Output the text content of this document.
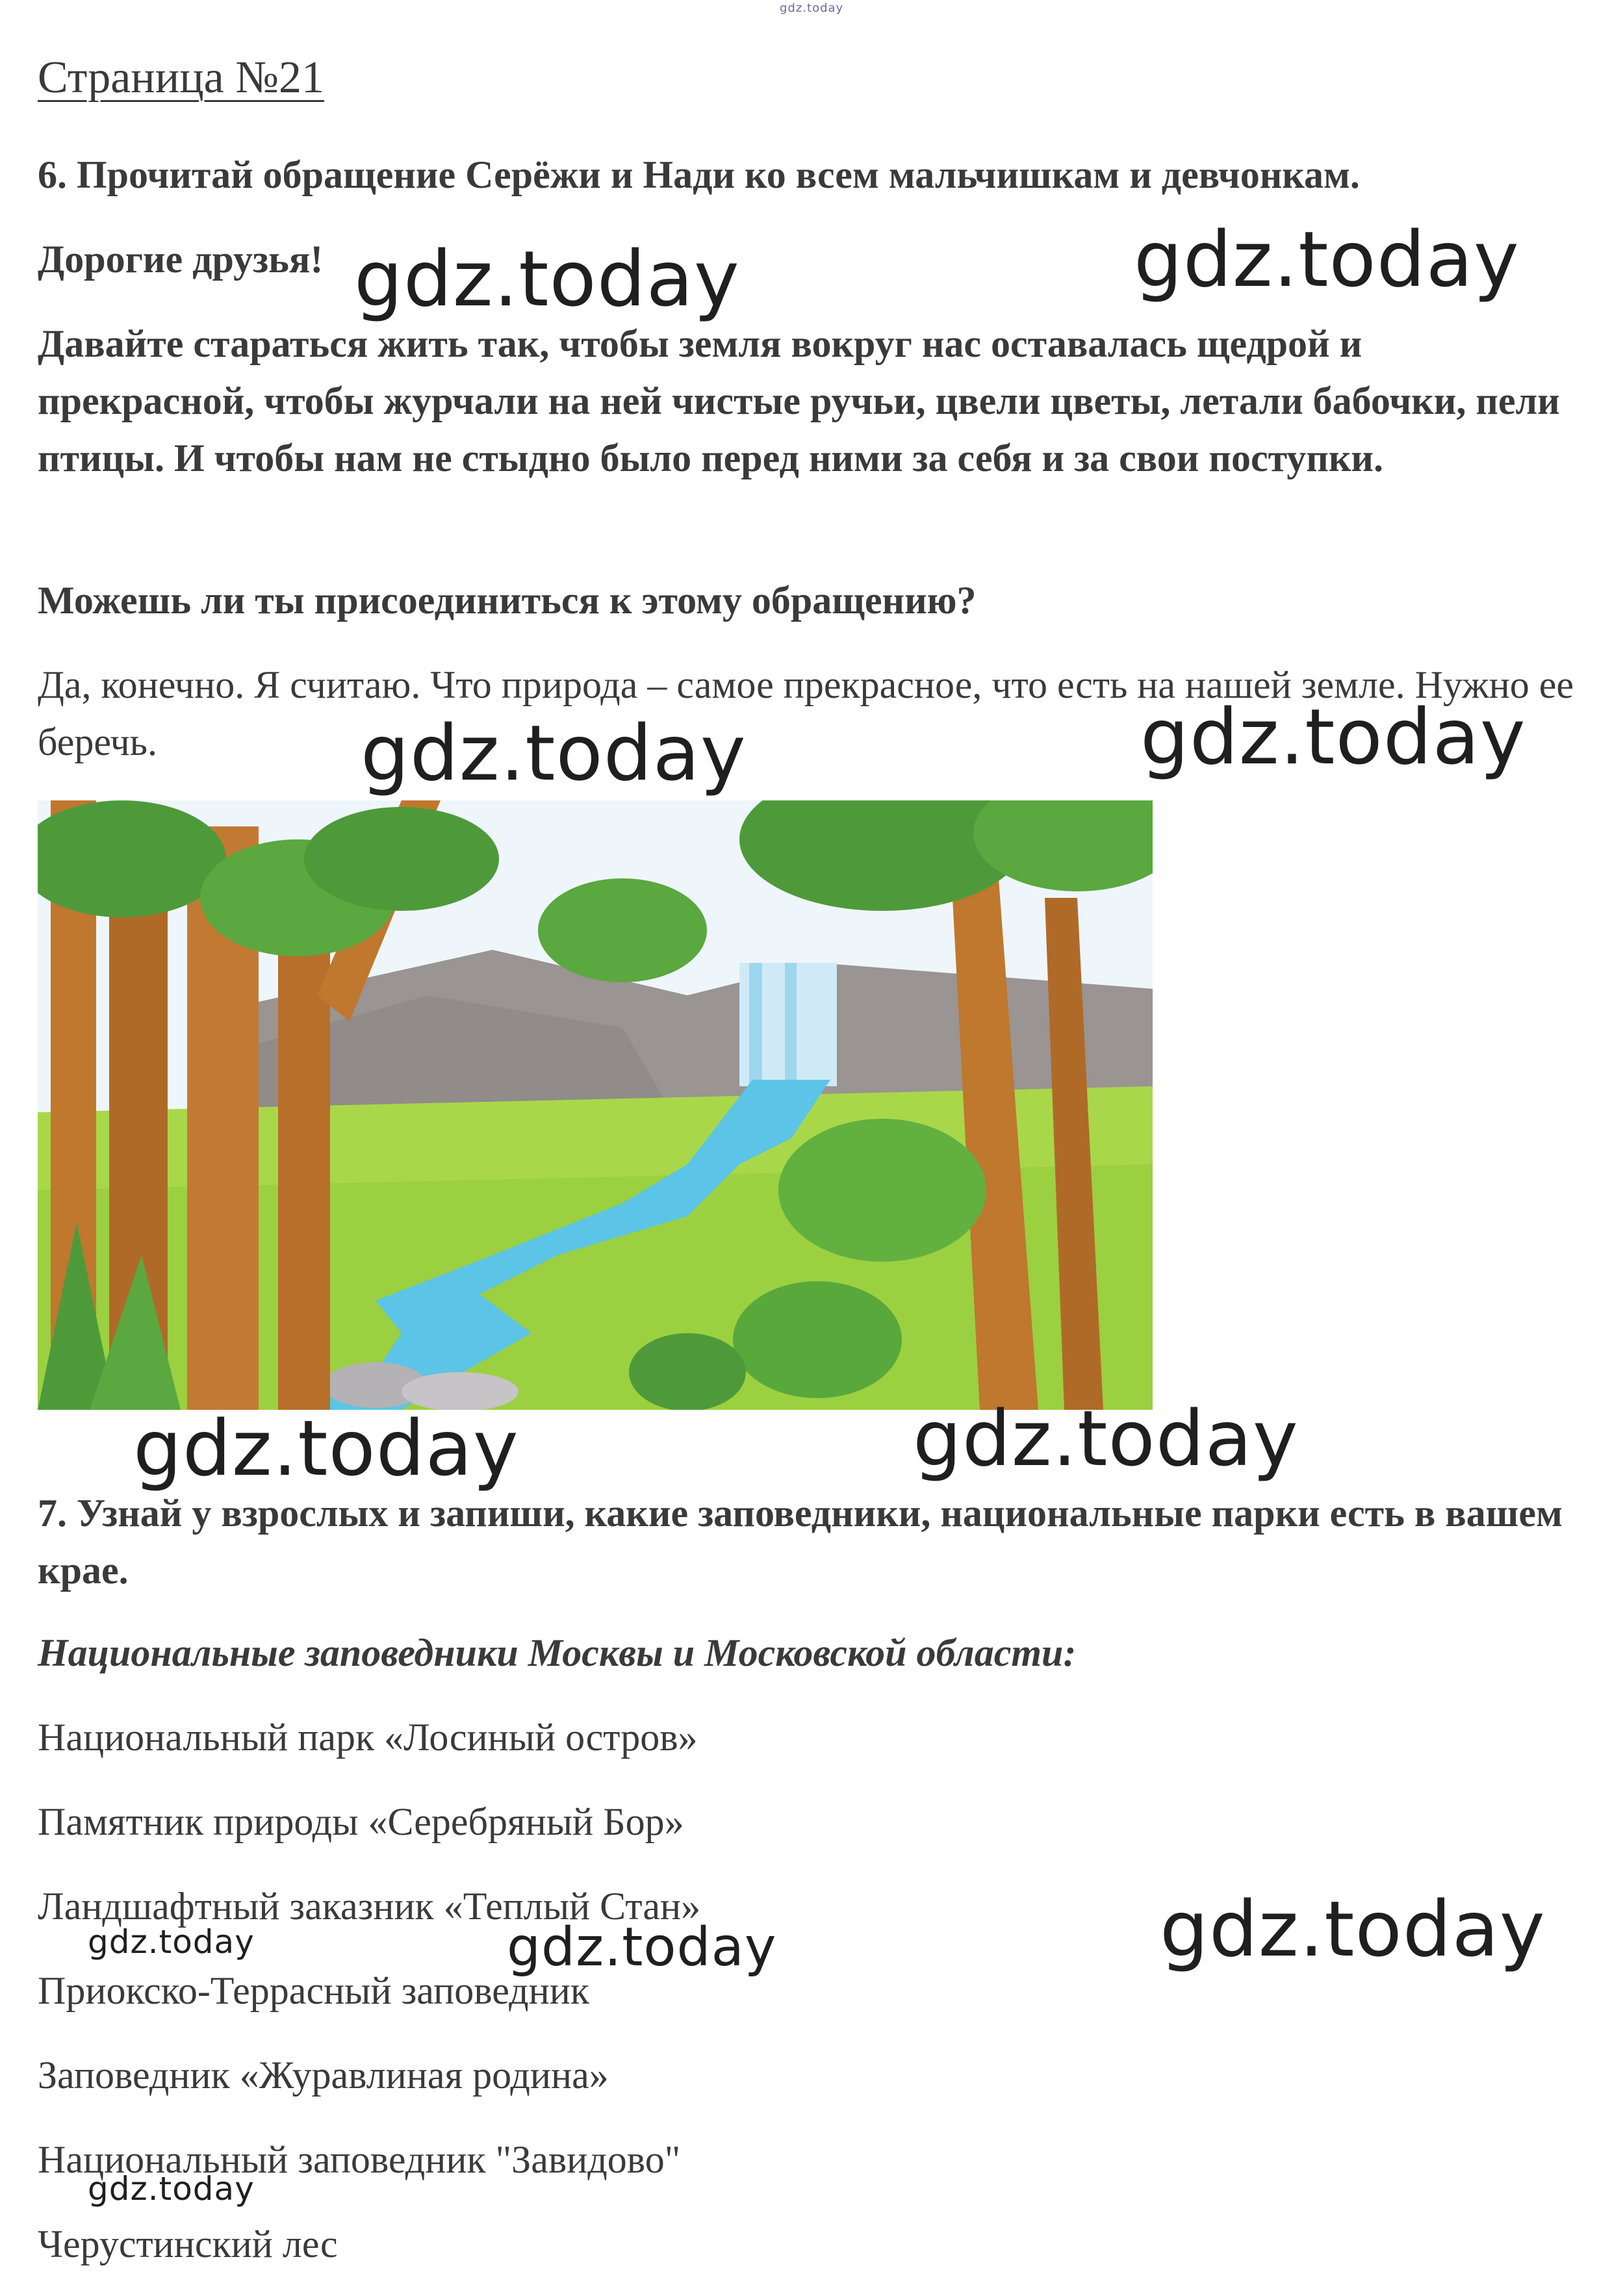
gdz.today
Страница №21
6. Прочитай обращение Серёжи и Нади ко всем мальчишкам и девчонкам.
Дорогие друзья!
Давайте стараться жить так, чтобы земля вокруг нас оставалась щедрой и прекрасной, чтобы журчали на ней чистые ручьи, цвели цветы, летали бабочки, пели птицы. И чтобы нам не стыдно было перед ними за себя и за свои поступки.
Можешь ли ты присоединиться к этому обращению?
Да, конечно. Я считаю. Что природа – самое прекрасное, что есть на нашей земле. Нужно ее беречь.
7. Узнай у взрослых и запиши, какие заповедники, национальные парки есть в вашем крае.
Национальные заповедники Москвы и Московской области:
Национальный парк «Лосиный остров»
Памятник природы «Серебряный Бор»
Ландшафтный заказник «Теплый Стан»
Приокско-Террасный заповедник
Заповедник «Журавлиная родина»
Национальный заповедник "Завидово"
Черустинский лес
gdz.today	gdz.today
gdz.today	gdz.today
gdz.today	gdz.today
gdz.today
gdz.today
gdz.today
gdz.today
